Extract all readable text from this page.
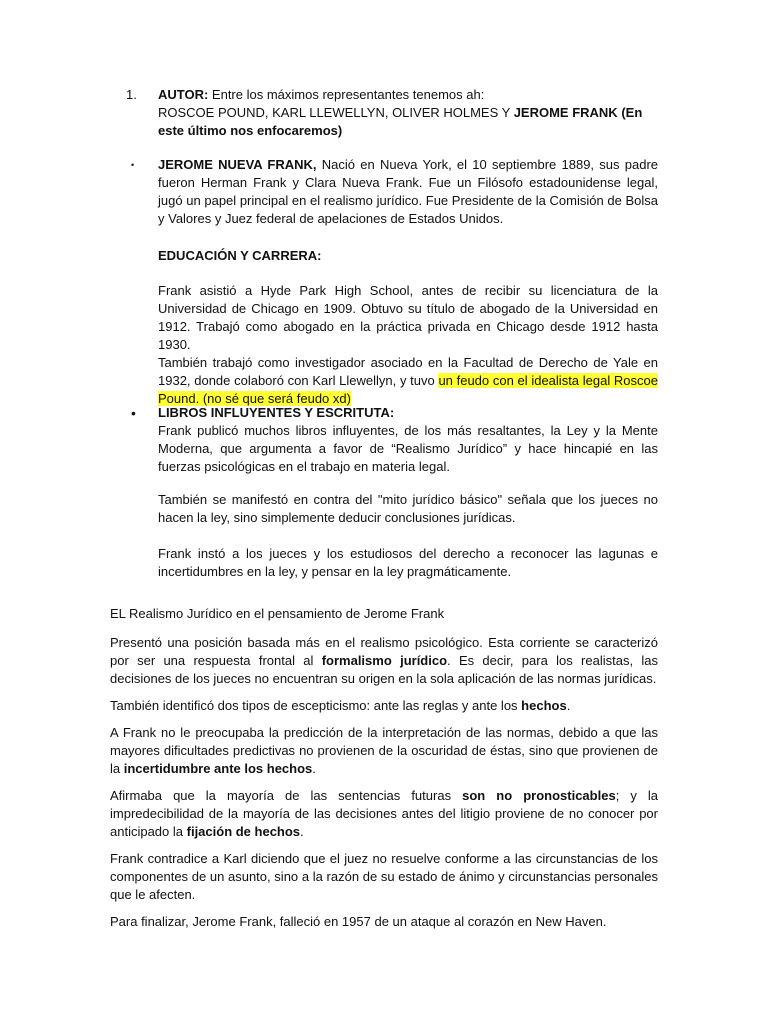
1. AUTOR: Entre los máximos representantes tenemos ah:
ROSCOE POUND, KARL LLEWELLYN, OLIVER HOLMES Y JEROME FRANK (En este último nos enfocaremos)

• JEROME NUEVA FRANK, Nació en Nueva York, el 10 septiembre 1889, sus padre fueron Herman Frank y Clara Nueva Frank. Fue un Filósofo estadounidense legal, jugó un papel principal en el realismo jurídico. Fue Presidente de la Comisión de Bolsa y Valores y Juez federal de apelaciones de Estados Unidos.

EDUCACIÓN Y CARRERA:

Frank asistió a Hyde Park High School, antes de recibir su licenciatura de la Universidad de Chicago en 1909. Obtuvo su título de abogado de la Universidad en 1912. Trabajó como abogado en la práctica privada en Chicago desde 1912 hasta 1930.

También trabajó como investigador asociado en la Facultad de Derecho de Yale en 1932, donde colaboró con Karl Llewellyn, y tuvo un feudo con el idealista legal Roscoe Pound. (no sé que será feudo xd)

• LIBROS INFLUYENTES Y ESCRITUTA:

Frank publicó muchos libros influyentes, de los más resaltantes, la Ley y la Mente Moderna, que argumenta a favor de “Realismo Jurídico” y hace hincapié en las fuerzas psicológicas en el trabajo en materia legal.

También se manifestó en contra del "mito jurídico básico" señala que los jueces no hacen la ley, sino simplemente deducir conclusiones jurídicas.

Frank instó a los jueces y los estudiosos del derecho a reconocer las lagunas e incertidumbres en la ley, y pensar en la ley pragmáticamente.

EL Realismo Jurídico en el pensamiento de Jerome Frank

Presentó una posición basada más en el realismo psicológico. Esta corriente se caracterizó por ser una respuesta frontal al formalismo jurídico. Es decir, para los realistas, las decisiones de los jueces no encuentran su origen en la sola aplicación de las normas jurídicas.

También identificó dos tipos de escepticismo: ante las reglas y ante los hechos.

A Frank no le preocupaba la predicción de la interpretación de las normas, debido a que las mayores dificultades predictivas no provienen de la oscuridad de éstas, sino que provienen de la incertidumbre ante los hechos.

Afirmaba que la mayoría de las sentencias futuras son no pronosticables; y la impredecibilidad de la mayoría de las decisiones antes del litigio proviene de no conocer por anticipado la fijación de hechos.

Frank contradice a Karl diciendo que el juez no resuelve conforme a las circunstancias de los componentes de un asunto, sino a la razón de su estado de ánimo y circunstancias personales que le afecten.

Para finalizar, Jerome Frank, falleció en 1957 de un ataque al corazón en New Haven.
